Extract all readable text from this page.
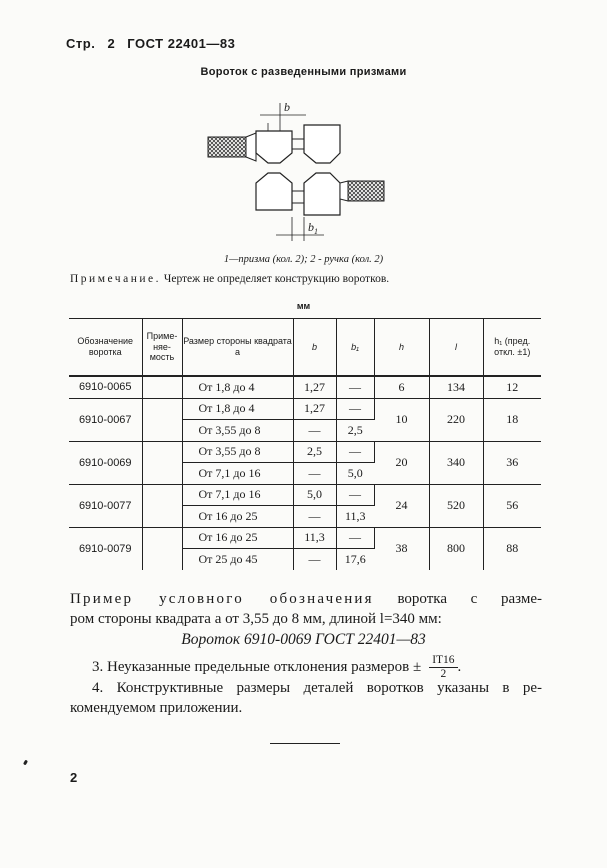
Стр. 2 ГОСТ 22401—83
Вороток с разведенными призмами
b
$b_1$
1—призма (кол. 2); 2 - ручка (кол. 2)
Примечание. Чертеж не определяет конструкцию воротков.
мм
Обозначение воротка	Приме-няе-мость	Размер стороны квадрата a	b	b₁	h	l	h₁ (пред. откл. ±1)
6910-0065		От 1,8 до 4	1,27	—	6	134	12
6910-0067		От 1,8 до 4	1,27	—	10	220	18
		От 3,55 до 8	—	2,5			
6910-0069		От 3,55 до 8	2,5	—	20	340	36
		От 7,1 до 16	—	5,0			
6910-0077		От 7,1 до 16	5,0	—	24	520	56
		От 16 до 25	—	11,3			
6910-0079		От 16 до 25	11,3	—	38	800	88
		От 25 до 45	—	17,6			
Пример условного обозначения воротка с разме-
ром стороны квадрата a от 3,55 до 8 мм, длиной l=340 мм:
Вороток 6910-0069 ГОСТ 22401—83
3. Неуказанные предельные отклонения размеров ± $\frac{IT16}{2}$ .
4. Конструктивные размеры деталей воротков указаны в ре-
комендуемом приложении.
2
